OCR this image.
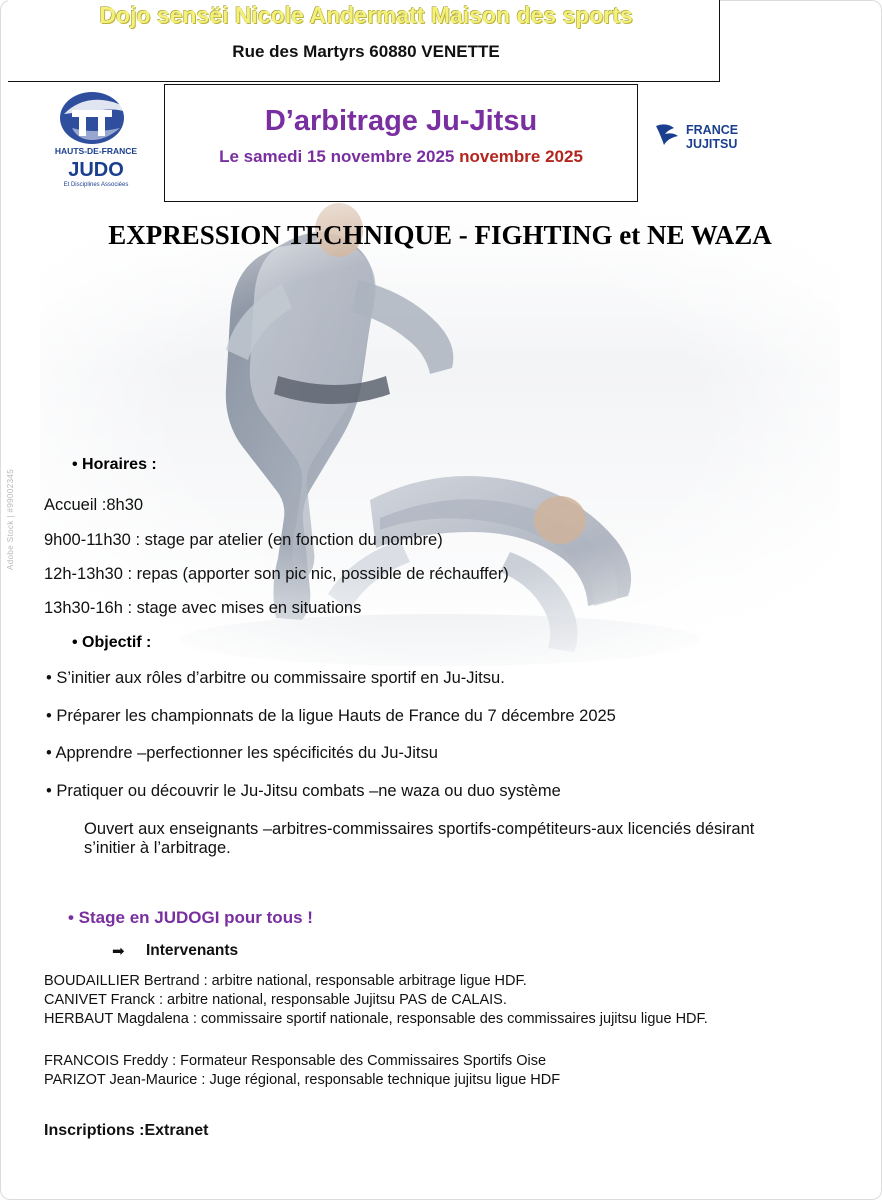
Dojo sensëi Nicole Andermatt Maison des sports
Rue des Martyrs 60880 VENETTE
HAUTS-DE-FRANCE
JUDO
Et Disciplines Associées
D’arbitrage Ju-Jitsu
Le samedi 15 novembre 2025 novembre 2025
FRANCE
JUJITSU
EXPRESSION TECHNIQUE - FIGHTING et NE WAZA
• Horaires :
Accueil :8h30
9h00-11h30 : stage par atelier (en fonction du nombre)
12h-13h30 : repas (apporter son pic nic, possible de réchauffer)
13h30-16h : stage avec mises en situations
• Objectif :
• S’initier aux rôles d’arbitre ou commissaire sportif en Ju-Jitsu.
• Préparer les championnats de la ligue Hauts de France du 7 décembre 2025
• Apprendre –perfectionner les spécificités du Ju-Jitsu
• Pratiquer ou découvrir le Ju-Jitsu combats –ne waza ou duo système
Ouvert aux enseignants –arbitres-commissaires sportifs-compétiteurs-aux licenciés désirant s’initier à l’arbitrage.
• Stage en JUDOGI pour tous !
➡ Intervenants
BOUDAILLIER Bertrand : arbitre national, responsable arbitrage ligue HDF.
CANIVET Franck : arbitre national, responsable Jujitsu PAS de CALAIS.
HERBAUT Magdalena : commissaire sportif nationale, responsable des commissaires jujitsu ligue HDF.
FRANCOIS Freddy : Formateur Responsable des Commissaires Sportifs Oise
PARIZOT Jean-Maurice : Juge régional, responsable technique jujitsu ligue HDF
Inscriptions :Extranet
Adobe Stock | #99002345
